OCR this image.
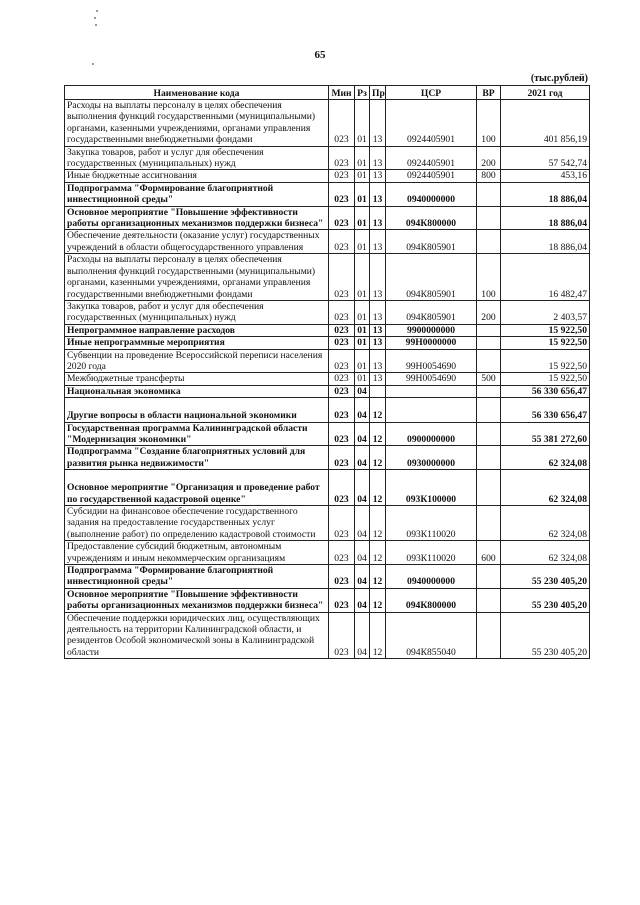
65
(тыс.рублей)
Наименование кода	Мин	Рз	Пр	ЦСР	ВР	2021 год
Расходы на выплаты персоналу в целях обеспечения выполнения функций государственными (муниципальными) органами, казенными учреждениями, органами управления государственными внебюджетными фондами	023	01	13	0924405901	100	401 856,19
Закупка товаров, работ и услуг для обеспечения государственных (муниципальных) нужд	023	01	13	0924405901	200	57 542,74
Иные бюджетные ассигнования	023	01	13	0924405901	800	453,16
Подпрограмма "Формирование благоприятной инвестиционной среды"	023	01	13	0940000000		18 886,04
Основное мероприятие "Повышение эффективности работы организационных механизмов поддержки бизнеса"	023	01	13	094К800000		18 886,04
Обеспечение деятельности (оказание услуг) государственных учреждений в области общегосударственного управления	023	01	13	094К805901		18 886,04
Расходы на выплаты персоналу в целях обеспечения выполнения функций государственными (муниципальными) органами, казенными учреждениями, органами управления государственными внебюджетными фондами	023	01	13	094К805901	100	16 482,47
Закупка товаров, работ и услуг для обеспечения государственных (муниципальных) нужд	023	01	13	094К805901	200	2 403,57
Непрограммное направление расходов	023	01	13	9900000000		15 922,50
Иные непрограммные мероприятия	023	01	13	99Н0000000		15 922,50
Субвенции на проведение Всероссийской переписи населения 2020 года	023	01	13	99Н0054690		15 922,50
Межбюджетные трансферты	023	01	13	99Н0054690	500	15 922,50
Национальная экономика	023	04				56 330 656,47
Другие вопросы в области национальной экономики	023	04	12			56 330 656,47
Государственная программа Калининградской области "Модернизация экономики"	023	04	12	0900000000		55 381 272,60
Подпрограмма "Создание благоприятных условий для развития рынка недвижимости"	023	04	12	0930000000		62 324,08
Основное мероприятие "Организация и проведение работ по государственной кадастровой оценке"	023	04	12	093К100000		62 324,08
Субсидии на финансовое обеспечение государственного задания на предоставление государственных услуг (выполнение работ) по определению кадастровой стоимости	023	04	12	093К110020		62 324,08
Предоставление субсидий бюджетным, автономным учреждениям и иным некоммерческим организациям	023	04	12	093К110020	600	62 324,08
Подпрограмма "Формирование благоприятной инвестиционной среды"	023	04	12	0940000000		55 230 405,20
Основное мероприятие "Повышение эффективности работы организационных механизмов поддержки бизнеса"	023	04	12	094К800000		55 230 405,20
Обеспечение поддержки юридических лиц, осуществляющих деятельность на территории Калининградской области, и резидентов Особой экономической зоны в Калининградской области	023	04	12	094К855040		55 230 405,20
